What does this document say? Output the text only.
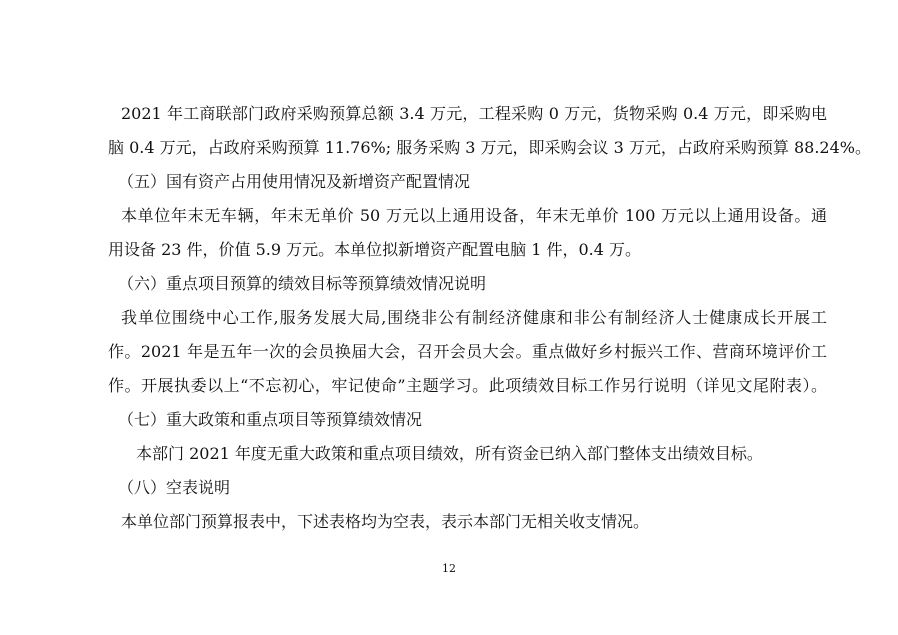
2021 年工商联部门政府采购预算总额 3.4 万元，工程采购 0 万元，货物采购 0.4 万元，即采购电
脑 0.4 万元，占政府采购预算 11.76%; 服务采购 3 万元，即采购会议 3 万元，占政府采购预算 88.24%。
（五）国有资产占用使用情况及新增资产配置情况
本单位年末无车辆，年末无单价 50 万元以上通用设备，年末无单价 100 万元以上通用设备。通
用设备 23 件，价值 5.9 万元。本单位拟新增资产配置电脑 1 件，0.4 万。
（六）重点项目预算的绩效目标等预算绩效情况说明
我单位围绕中心工作,服务发展大局,围绕非公有制经济健康和非公有制经济人士健康成长开展工
作。2021 年是五年一次的会员换届大会，召开会员大会。重点做好乡村振兴工作、营商环境评价工
作。开展执委以上“不忘初心，牢记使命”主题学习。此项绩效目标工作另行说明（详见文尾附表）。
（七）重大政策和重点项目等预算绩效情况
本部门 2021 年度无重大政策和重点项目绩效，所有资金已纳入部门整体支出绩效目标。
（八）空表说明
本单位部门预算报表中，下述表格均为空表，表示本部门无相关收支情况。
12
